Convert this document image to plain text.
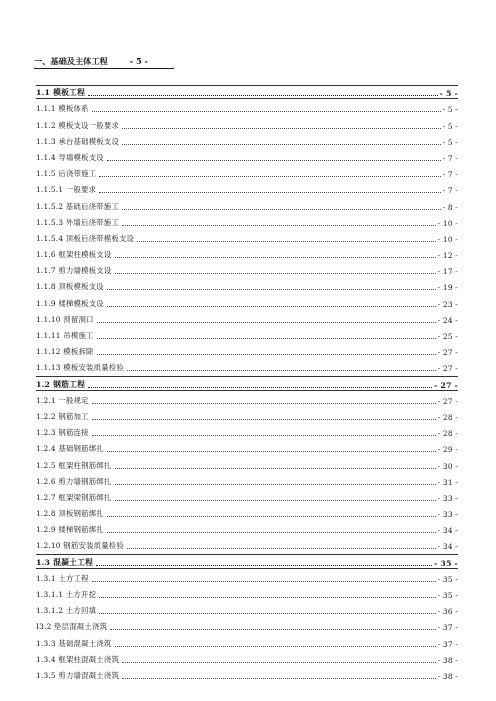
一、基础及主体工程	- 5 -
1.1 模板工程	- 5 -
1.1.1 模板体系	- 5 -
1.1.2 模板支设一般要求	- 5 -
1.1.3 承台基础模板支设	- 5 -
1.1.4 导墙模板支设	- 7 -
1.1.5 后浇带施工	- 7 -
1.1.5.1 一般要求	- 7 -
1.1.5.2 基础后浇带施工	- 8 -
1.1.5.3 外墙后浇带施工	- 10 -
1.1.5.4 顶板后浇带模板支设	- 10 -
1.1.6 框架柱模板支设	- 12 -
1.1.7 剪力墙模板支设	- 17 -
1.1.8 顶板模板支设	- 19 -
1.1.9 楼梯模板支设	- 23 -
1.1.10 预留洞口	- 24 -
1.1.11 吊模施工	- 25 -
1.1.12 模板拆除	- 27 -
1.1.13 模板安装质量检验	- 27 -
1.2 钢筋工程	- 27 -
1.2.1 一般规定	- 27 -
1.2.2 钢筋加工	- 28 -
1.2.3 钢筋连接	- 28 -
1.2.4 基础钢筋绑扎	- 29 -
1.2.5 框架柱钢筋绑扎	- 30 -
1.2.6 剪力墙钢筋绑扎	- 31 -
1.2.7 框架梁钢筋绑扎	- 33 -
1.2.8 顶板钢筋绑扎	- 33 -
1.2.9 楼梯钢筋绑扎	- 34 -
1.2.10 钢筋安装质量检验	- 34 -
1.3 混凝土工程	- 35 -
1.3.1 土方工程	- 35 -
1.3.1.1 土方开挖	- 35 -
1.3.1.2 土方回填	- 36 -
I3.2 垫层混凝土浇筑	- 37 -
1.3.3 基础混凝土浇筑	- 37 -
1.3.4 框架柱混凝土浇筑	- 38 -
1.3.5 剪力墙混凝土浇筑	- 38 -
